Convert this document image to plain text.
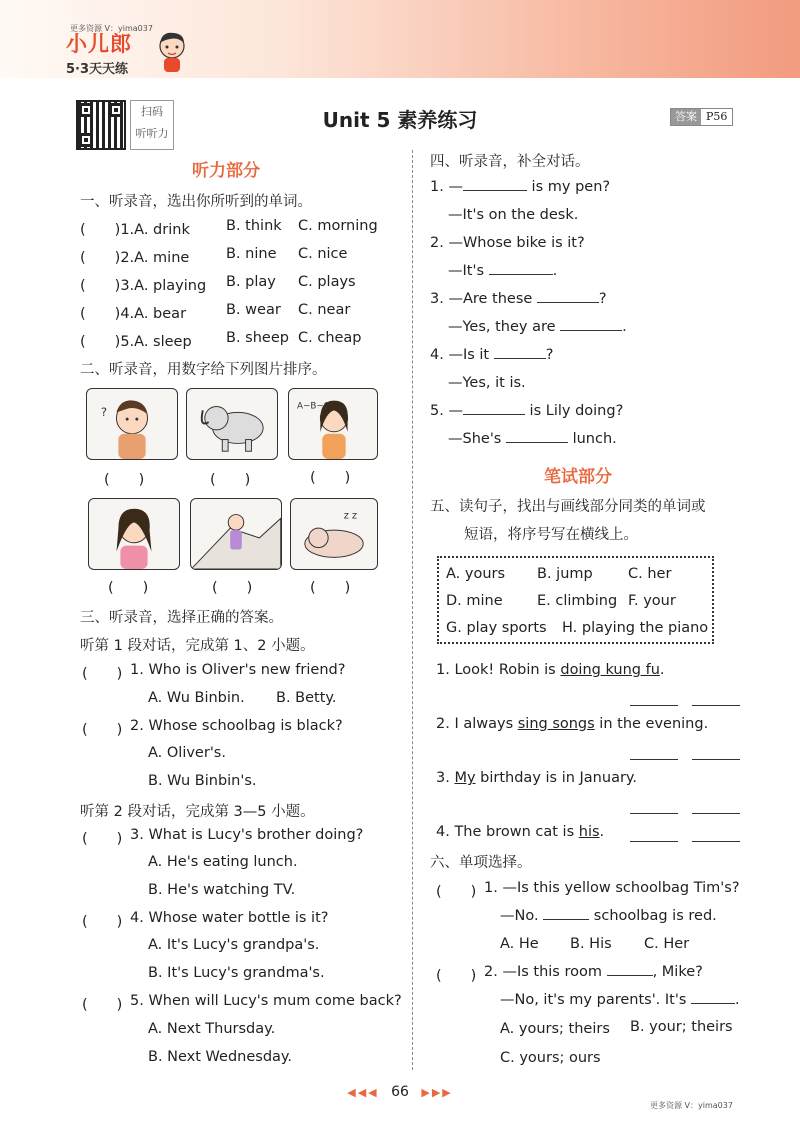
更多资源 V：yima037
小儿郎
5·3天天练
扫码
听听力
Unit 5 素养练习	答案 P56
听力部分
一、听录音，选出你所听到的单词。
(　　)1.A. drink B. think C. morning
(　　)2.A. mine	B. nine C. nice
(　　)3.A. playing B. play C. plays
(　　)4.A. bear	B. wear C. near
(　　)5.A. sleep B. sheep C. cheap
二、听录音，用数字给下列图片排序。
?	A~B~C
(　　)	(　　)	(　　)
z z
(　　)	(　　)	(　　)
三、听录音，选择正确的答案。
听第 1 段对话，完成第 1、2 小题。
(　　) 1. Who is Oliver's new friend?
A. Wu Binbin. B. Betty.
(　　) 2. Whose schoolbag is black?
A. Oliver's.
B. Wu Binbin's.
听第 2 段对话，完成第 3—5 小题。
(　　) 3. What is Lucy's brother doing?
A. He's eating lunch.
B. He's watching TV.
(　　) 4. Whose water bottle is it?
A. It's Lucy's grandpa's.
B. It's Lucy's grandma's.
(　　) 5. When will Lucy's mum come back?
A. Next Thursday.
B. Next Wednesday.
四、听录音，补全对话。
1. —	is my pen?
—It's on the desk.
2. —Whose bike is it?
—It's	.
3. —Are these	?
—Yes, they are	.
4. —Is it	?
—Yes, it is.
5. —	is Lily doing?
—She's	lunch.
笔试部分
五、读句子，找出与画线部分同类的单词或
短语，将序号写在横线上。
A. yours B. jump C. her
D. mine E. climbing F. your
G. play sports H. playing the piano
1. Look! Robin is doing kung fu.
2. I always sing songs in the evening.
3. My birthday is in January.
4. The brown cat is his.
六、单项选择。
(　　) 1. —Is this yellow schoolbag Tim's?
—No.	schoolbag is red.
A. He B. His C. Her
(　　) 2. —Is this room	, Mike?
—No, it's my parents'. It's	.
A. yours; theirs B. your; theirs
C. yours; ours
◀◀◀ 66 ▶▶▶
更多资源 V：yima037
